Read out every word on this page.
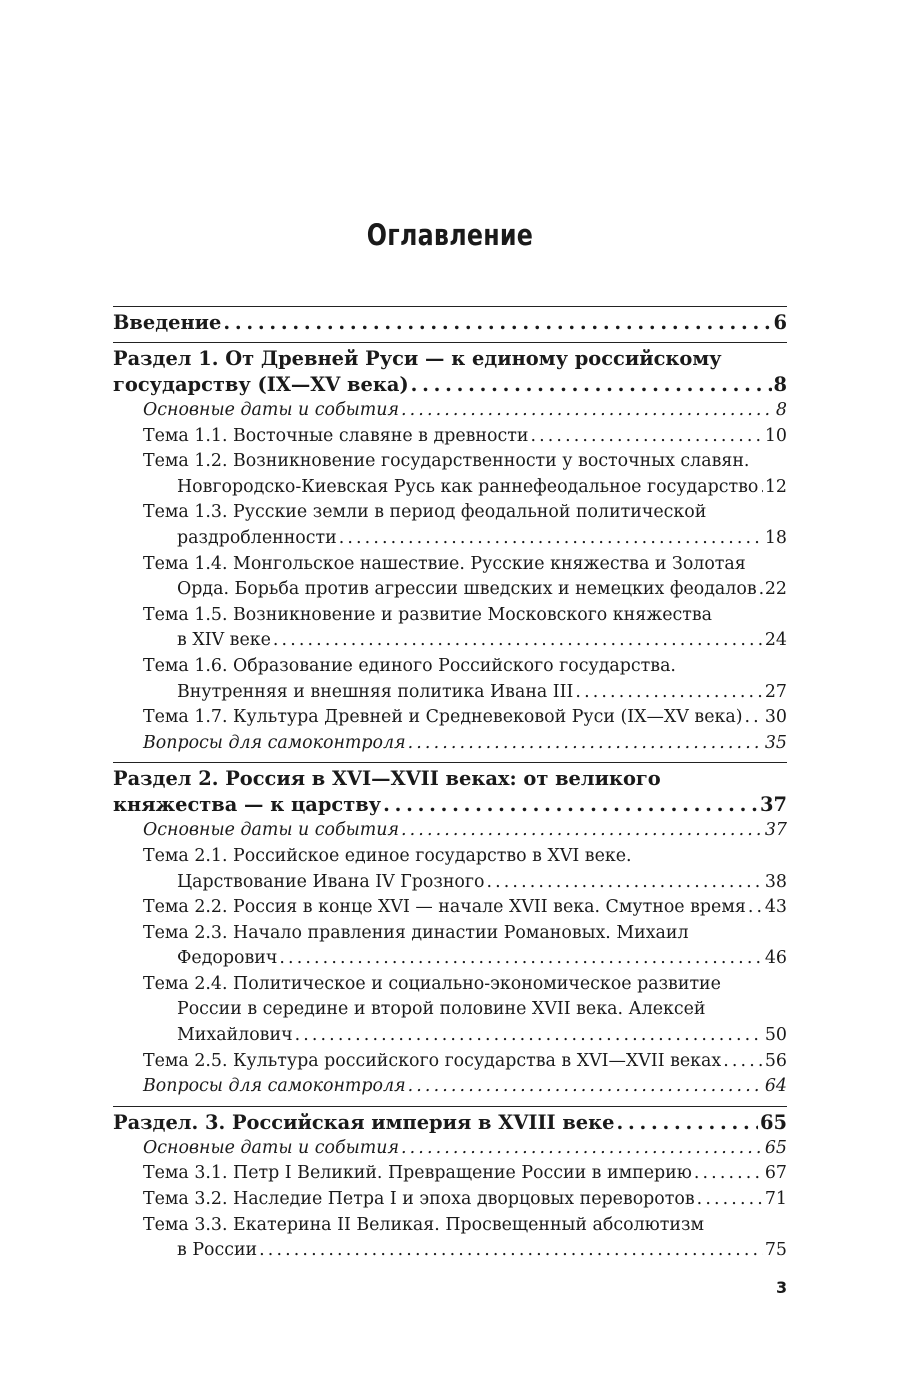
Оглавление
Введение . . .	6
Раздел 1. От Древней Руси — к единому российскому
государству (IX—XV века) . . .	8
Основные даты и события . . .	8
Тема 1.1. Восточные славяне в древности . . .	10
Тема 1.2. Возникновение государственности у восточных славян.
Новгородско-Киевская Русь как раннефеодальное государство . . . 12
Тема 1.3. Русские земли в период феодальной политической
раздробленности . . .	18
Тема 1.4. Монгольское нашествие. Русские княжества и Золотая
Орда. Борьба против агрессии шведских и немецких феодалов . . . 22
Тема 1.5. Возникновение и развитие Московского княжества
в XIV веке . . .	24
Тема 1.6. Образование единого Российского государства.
Внутренняя и внешняя политика Ивана III . . .	27
Тема 1.7. Культура Древней и Средневековой Руси (IX—XV века) . . . 30
Вопросы для самоконтроля . . .	35
Раздел 2. Россия в XVI—XVII веках: от великого
княжества — к царству . . .	37
Основные даты и события . . .	37
Тема 2.1. Российское единое государство в XVI веке.
Царствование Ивана IV Грозного . . .	38
Тема 2.2. Россия в конце XVI — начале XVII века. Смутное время . . . 43
Тема 2.3. Начало правления династии Романовых. Михаил
Федорович . . .	46
Тема 2.4. Политическое и социально-экономическое развитие
России в середине и второй половине XVII века. Алексей
Михайлович . . .	50
Тема 2.5. Культура российского государства в XVI—XVII веках . . .	56
Вопросы для самоконтроля . . .	64
Раздел. 3. Российская империя в XVIII веке . . .	65
Основные даты и события . . .	65
Тема 3.1. Петр I Великий. Превращение России в империю . . .	67
Тема 3.2. Наследие Петра I и эпоха дворцовых переворотов . . .	71
Тема 3.3. Екатерина II Великая. Просвещенный абсолютизм
в России . . .	75
3
